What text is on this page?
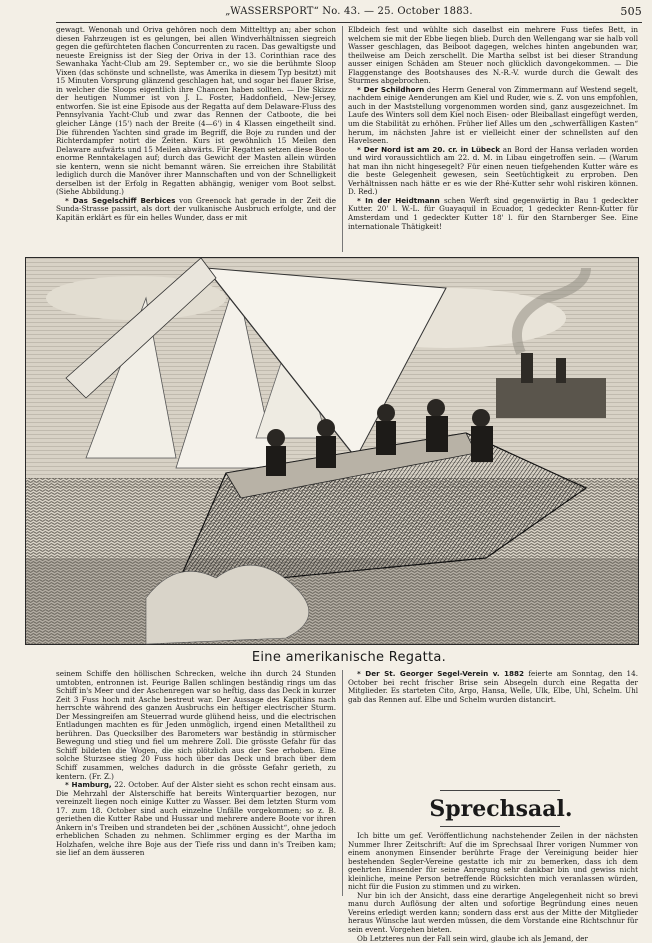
„WASSERSPORT“ No. 43. — 25. October 1883.	505

gewagt. Wenonah und Oriva gehören noch dem Mittelttyp an; aber schon diesen Fahrzeugen ist es gelungen, bei allen Windverhältnissen siegreich gegen die gefürchteten flachen Concurrenten zu racen. Das gewaltigste und neueste Ereigniss ist der Sieg der Oriva in der 13. Corinthian race des Sewanhaka Yacht-Club am 29. September cr., wo sie die berühmte Sloop Vixen (das schönste und schnellste, was Amerika in diesem Typ besitzt) mit 15 Minuten Vorsprung glänzend geschlagen hat, und sogar bei flauer Brise, in welcher die Sloops eigentlich ihre Chancen haben sollten. — Die Skizze der heutigen Nummer ist von J. L. Foster, Haddonfield, New-Jersey, entworfen. Sie ist eine Episode aus der Regatta auf dem Delaware-Fluss des Pennsylvania Yacht-Club und zwar das Rennen der Catboote, die bei gleicher Länge (15') nach der Breite (4—6') in 4 Klassen eingetheilt sind. Die führenden Yachten sind grade im Begriff, die Boje zu runden und der Richterdampfer notirt die Zeiten. Kurs ist gewöhnlich 15 Meilen den Delaware aufwärts und 15 Meilen abwärts. Für Regatten setzen diese Boote enorme Renntakelagen auf; durch das Gewicht der Masten allein würden sie kentern, wenn sie nicht bemannt wären. Sie erreichen ihre Stabilität lediglich durch die Manöver ihrer Mannschaften und von der Schnelligkeit derselben ist der Erfolg in Regatten abhängig, weniger vom Boot selbst. (Siehe Abbildung.)

* Das Segelschiff Berbices von Greenock hat gerade in der Zeit die Sunda-Strasse passirt, als dort der vulkanische Ausbruch erfolgte, und der Kapitän erklärt es für ein helles Wunder, dass er mit

Elbdeich fest und wühlte sich daselbst ein mehrere Fuss tiefes Bett, in welchem sie mit der Ebbe liegen blieb. Durch den Wellengang war sie halb voll Wasser geschlagen, das Beiboot dagegen, welches hinten angebunden war, theilweise am Deich zerschellt. Die Martha selbst ist bei dieser Strandung ausser einigen Schäden am Steuer noch glücklich davongekommen. — Die Flaggenstange des Bootshauses des N.-R.-V. wurde durch die Gewalt des Sturmes abgebrochen.

* Der Schildhorn des Herrn General von Zimmermann auf Westend segelt, nachdem einige Aenderungen am Kiel und Ruder, wie s. Z. von uns empfohlen, auch in der Maststellung vorgenommen worden sind, ganz ausgezeichnet. Im Laufe des Winters soll dem Kiel noch Eisen- oder Bleiballast eingefügt werden, um die Stabilität zu erhöhen. Früher lief Alles um den „schwerfälligen Kasten“ herum, im nächsten Jahre ist er vielleicht einer der schnellsten auf den Havelseen.

* Der Nord ist am 20. cr. in Lübeck an Bord der Hansa verladen worden und wird voraussichtlich am 22. d. M. in Libau eingetroffen sein. — (Warum hat man ihn nicht hingesegelt? Für einen neuen tiefgehenden Kutter wäre es die beste Gelegenheit gewesen, sein Seetüchtigkeit zu erproben. Den Verhältnissen nach hätte er es wie der Rhé-Kutter sehr wohl riskiren können. D. Red.)

* In der Heidtmann schen Werft sind gegenwärtig in Bau 1 gedeckter Kutter. 20' l. W.-L. für Guayaquil in Ecuador, 1 gedeckter Renn-Kutter für Amsterdam und 1 gedeckter Kutter 18' l. für den Starnberger See. Eine internationale Thätigkeit!

Eine amerikanische Regatta.

seinem Schiffe den höllischen Schrecken, welche ihn durch 24 Stunden umtobten, entronnen ist. Feurige Ballen schlingen beständig rings um das Schiff in's Meer und der Aschenregen war so heftig, dass das Deck in kurzer Zeit 3 Fuss hoch mit Asche bestreut war. Der Aussage des Kapitäns nach herrschte während des ganzen Ausbruchs ein heftiger electrischer Sturm. Der Messingreifen am Steuerrad wurde glühend heiss, und die electrischen Entladungen machten es für Jeden unmöglich, irgend einen Metalltheil zu berühren. Das Quecksilber des Barometers war beständig in stürmischer Bewegung und stieg und fiel um mehrere Zoll. Die grösste Gefahr für das Schiff bildeten die Wogen, die sich plötzlich aus der See erhoben. Eine solche Sturzsee stieg 20 Fuss hoch über das Deck und brach über dem Schiff zusammen, welches dadurch in die grösste Gefahr gerieth, zu kentern. (Fr. Z.)

* Hamburg, 22. October. Auf der Alster sieht es schon recht einsam aus. Die Mehrzahl der Alsterschiffe hat bereits Winterquartier bezogen, nur vereinzelt liegen noch einige Kutter zu Wasser. Bei dem letzten Sturm vom 17. zum 18. October sind auch einzelne Unfälle vorgekommen; so z. B. geriethen die Kutter Rabe und Hussar und mehrere andere Boote vor ihren Ankern in's Treiben und strandeten bei der „schönen Aussicht“, ohne jedoch erheblichen Schaden zu nehmen. Schlimmer erging es der Martha im Holzhafen, welche ihre Boje aus der Tiefe riss und dann in's Treiben kam; sie lief an dem äusseren

* Der St. Georger Segel-Verein v. 1882 feierte am Sonntag, den 14. October bei recht frischer Brise sein Absegeln durch eine Regatta der Mitglieder. Es starteten Cito, Argo, Hansa, Welle, Ulk, Elbe, Uhl, Schelm. Uhl gab das Rennen auf. Elbe und Schelm wurden distancirt.

Sprechsaal.

Ich bitte um gef. Veröffentlichung nachstehender Zeilen in der nächsten Nummer Ihrer Zeitschrift: Auf die im Sprechsaal Ihrer vorigen Nummer von einem anonymen Einsender berührte Frage der Vereinigung beider hier bestehenden Segler-Vereine gestatte ich mir zu bemerken, dass ich dem geehrten Einsender für seine Anregung sehr dankbar bin und gewiss nicht kleinliche, meine Person betreffende Rücksichten mich veranlassen würden, nicht für die Fusion zu stimmen und zu wirken.

Nur bin ich der Ansicht, dass eine derartige Angelegenheit nicht so brevi manu durch Auflösung der alten und sofortige Begründung eines neuen Vereins erledigt werden kann; sondern dass erst aus der Mitte der Mitglieder heraus Wünsche laut werden müssen, die dem Vorstande eine Richtschnur für sein event. Vorgehen bieten.

Ob Letzteres nun der Fall sein wird, glaube ich als Jemand, der
